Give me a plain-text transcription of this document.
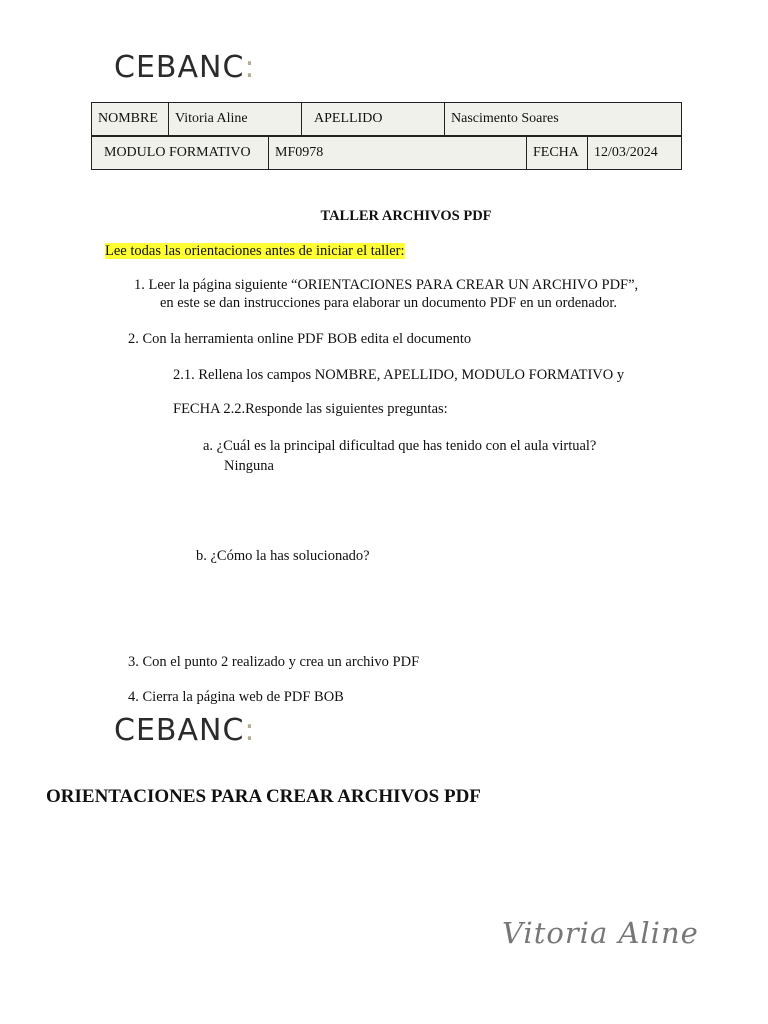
CEBANC:
NOMBRE	Vitoria Aline	APELLIDO	Nascimento Soares
MODULO FORMATIVO	MF0978	FECHA	12/03/2024
TALLER ARCHIVOS PDF
Lee todas las orientaciones antes de iniciar el taller:
1. Leer la página siguiente “ORIENTACIONES PARA CREAR UN ARCHIVO PDF”,
en este se dan instrucciones para elaborar un documento PDF en un ordenador.
2. Con la herramienta online PDF BOB edita el documento
2.1. Rellena los campos NOMBRE, APELLIDO, MODULO FORMATIVO y
FECHA 2.2.Responde las siguientes preguntas:
a. ¿Cuál es la principal dificultad que has tenido con el aula virtual?
Ninguna
b. ¿Cómo la has solucionado?
3. Con el punto 2 realizado y crea un archivo PDF
4. Cierra la página web de PDF BOB
CEBANC:
ORIENTACIONES PARA CREAR ARCHIVOS PDF
Vitoria Aline
